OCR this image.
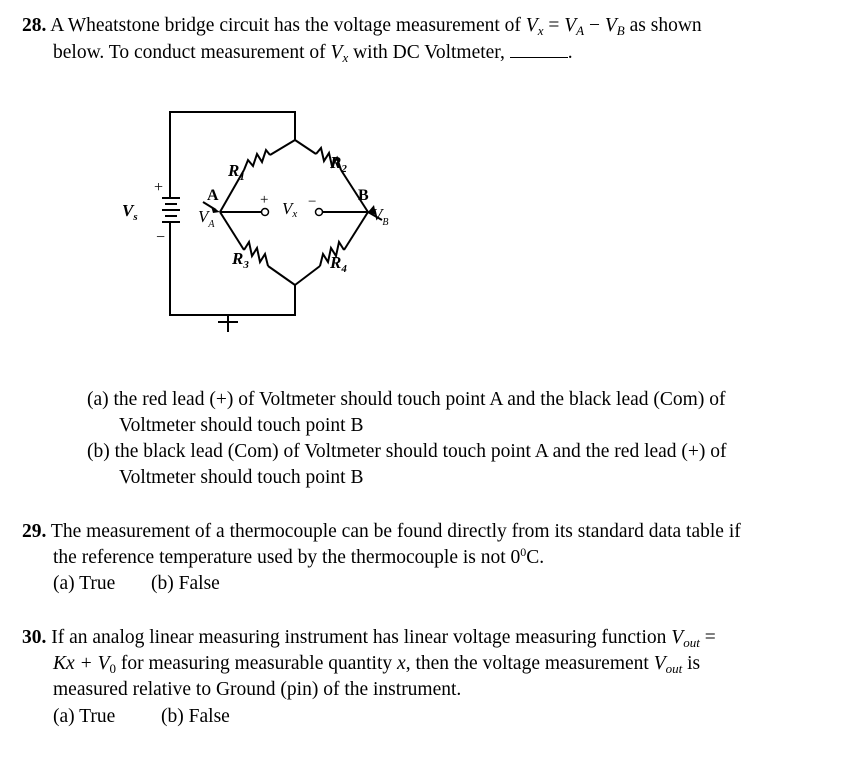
28. A Wheatstone bridge circuit has the voltage measurement of $V_x = V_A - V_B$ as shown
below. To conduct measurement of $V_x$ with DC Voltmeter,	.
$V_s$
+
−
$V_A$
A	B
$V_B$
Vx
+	−
$R_1$
$R_2$
$R_3$	$R_4$
(a) the red lead (+) of Voltmeter should touch point A and the black lead (Com) of
Voltmeter should touch point B
(b) the black lead (Com) of Voltmeter should touch point A and the red lead (+) of
Voltmeter should touch point B
29. The measurement of a thermocouple can be found directly from its standard data table if
the reference temperature used by the thermocouple is not $0^0C$.
(a) True (b) False
30. If an analog linear measuring instrument has linear voltage measuring function $V_{out}$ =
$Kx + V_0$ for measuring measurable quantity x, then the voltage measurement $V_{out}$ is
measured relative to Ground (pin) of the instrument.
(a) True (b) False
